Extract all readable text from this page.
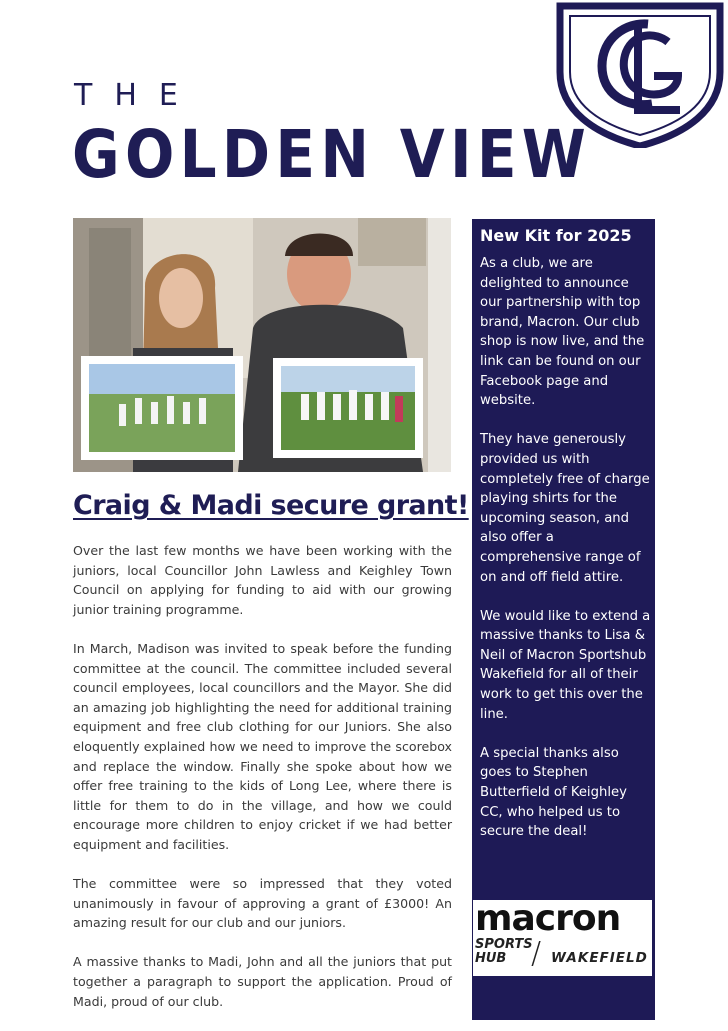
THE
GOLDEN VIEW
Craig & Madi secure grant!

Over the last few months we have been working with the juniors, local Councillor John Lawless and Keighley Town Council on applying for funding to aid with our growing junior training programme.

In March, Madison was invited to speak before the funding committee at the council. The committee included several council employees, local councillors and the Mayor. She did an amazing job highlighting the need for additional training equipment and free club clothing for our Juniors. She also eloquently explained how we need to improve the scorebox and replace the window. Finally she spoke about how we offer free training to the kids of Long Lee, where there is little for them to do in the village, and how we could encourage more children to enjoy cricket if we had better equipment and facilities.

The committee were so impressed that they voted unanimously in favour of approving a grant of £3000! An amazing result for our club and our juniors.

A massive thanks to Madi, John and all the juniors that put together a paragraph to support the application. Proud of Madi, proud of our club.

New Kit for 2025

As a club, we are delighted to announce our partnership with top brand, Macron. Our club shop is now live, and the link can be found on our Facebook page and website.

They have generously provided us with completely free of charge playing shirts for the upcoming season, and also offer a comprehensive range of on and off field attire.

We would like to extend a massive thanks to Lisa & Neil of Macron Sportshub Wakefield for all of their work to get this over the line.

A special thanks also goes to Stephen Butterfield of Keighley CC, who helped us to secure the deal!

macron
SPORTS
HUB / WAKEFIELD
